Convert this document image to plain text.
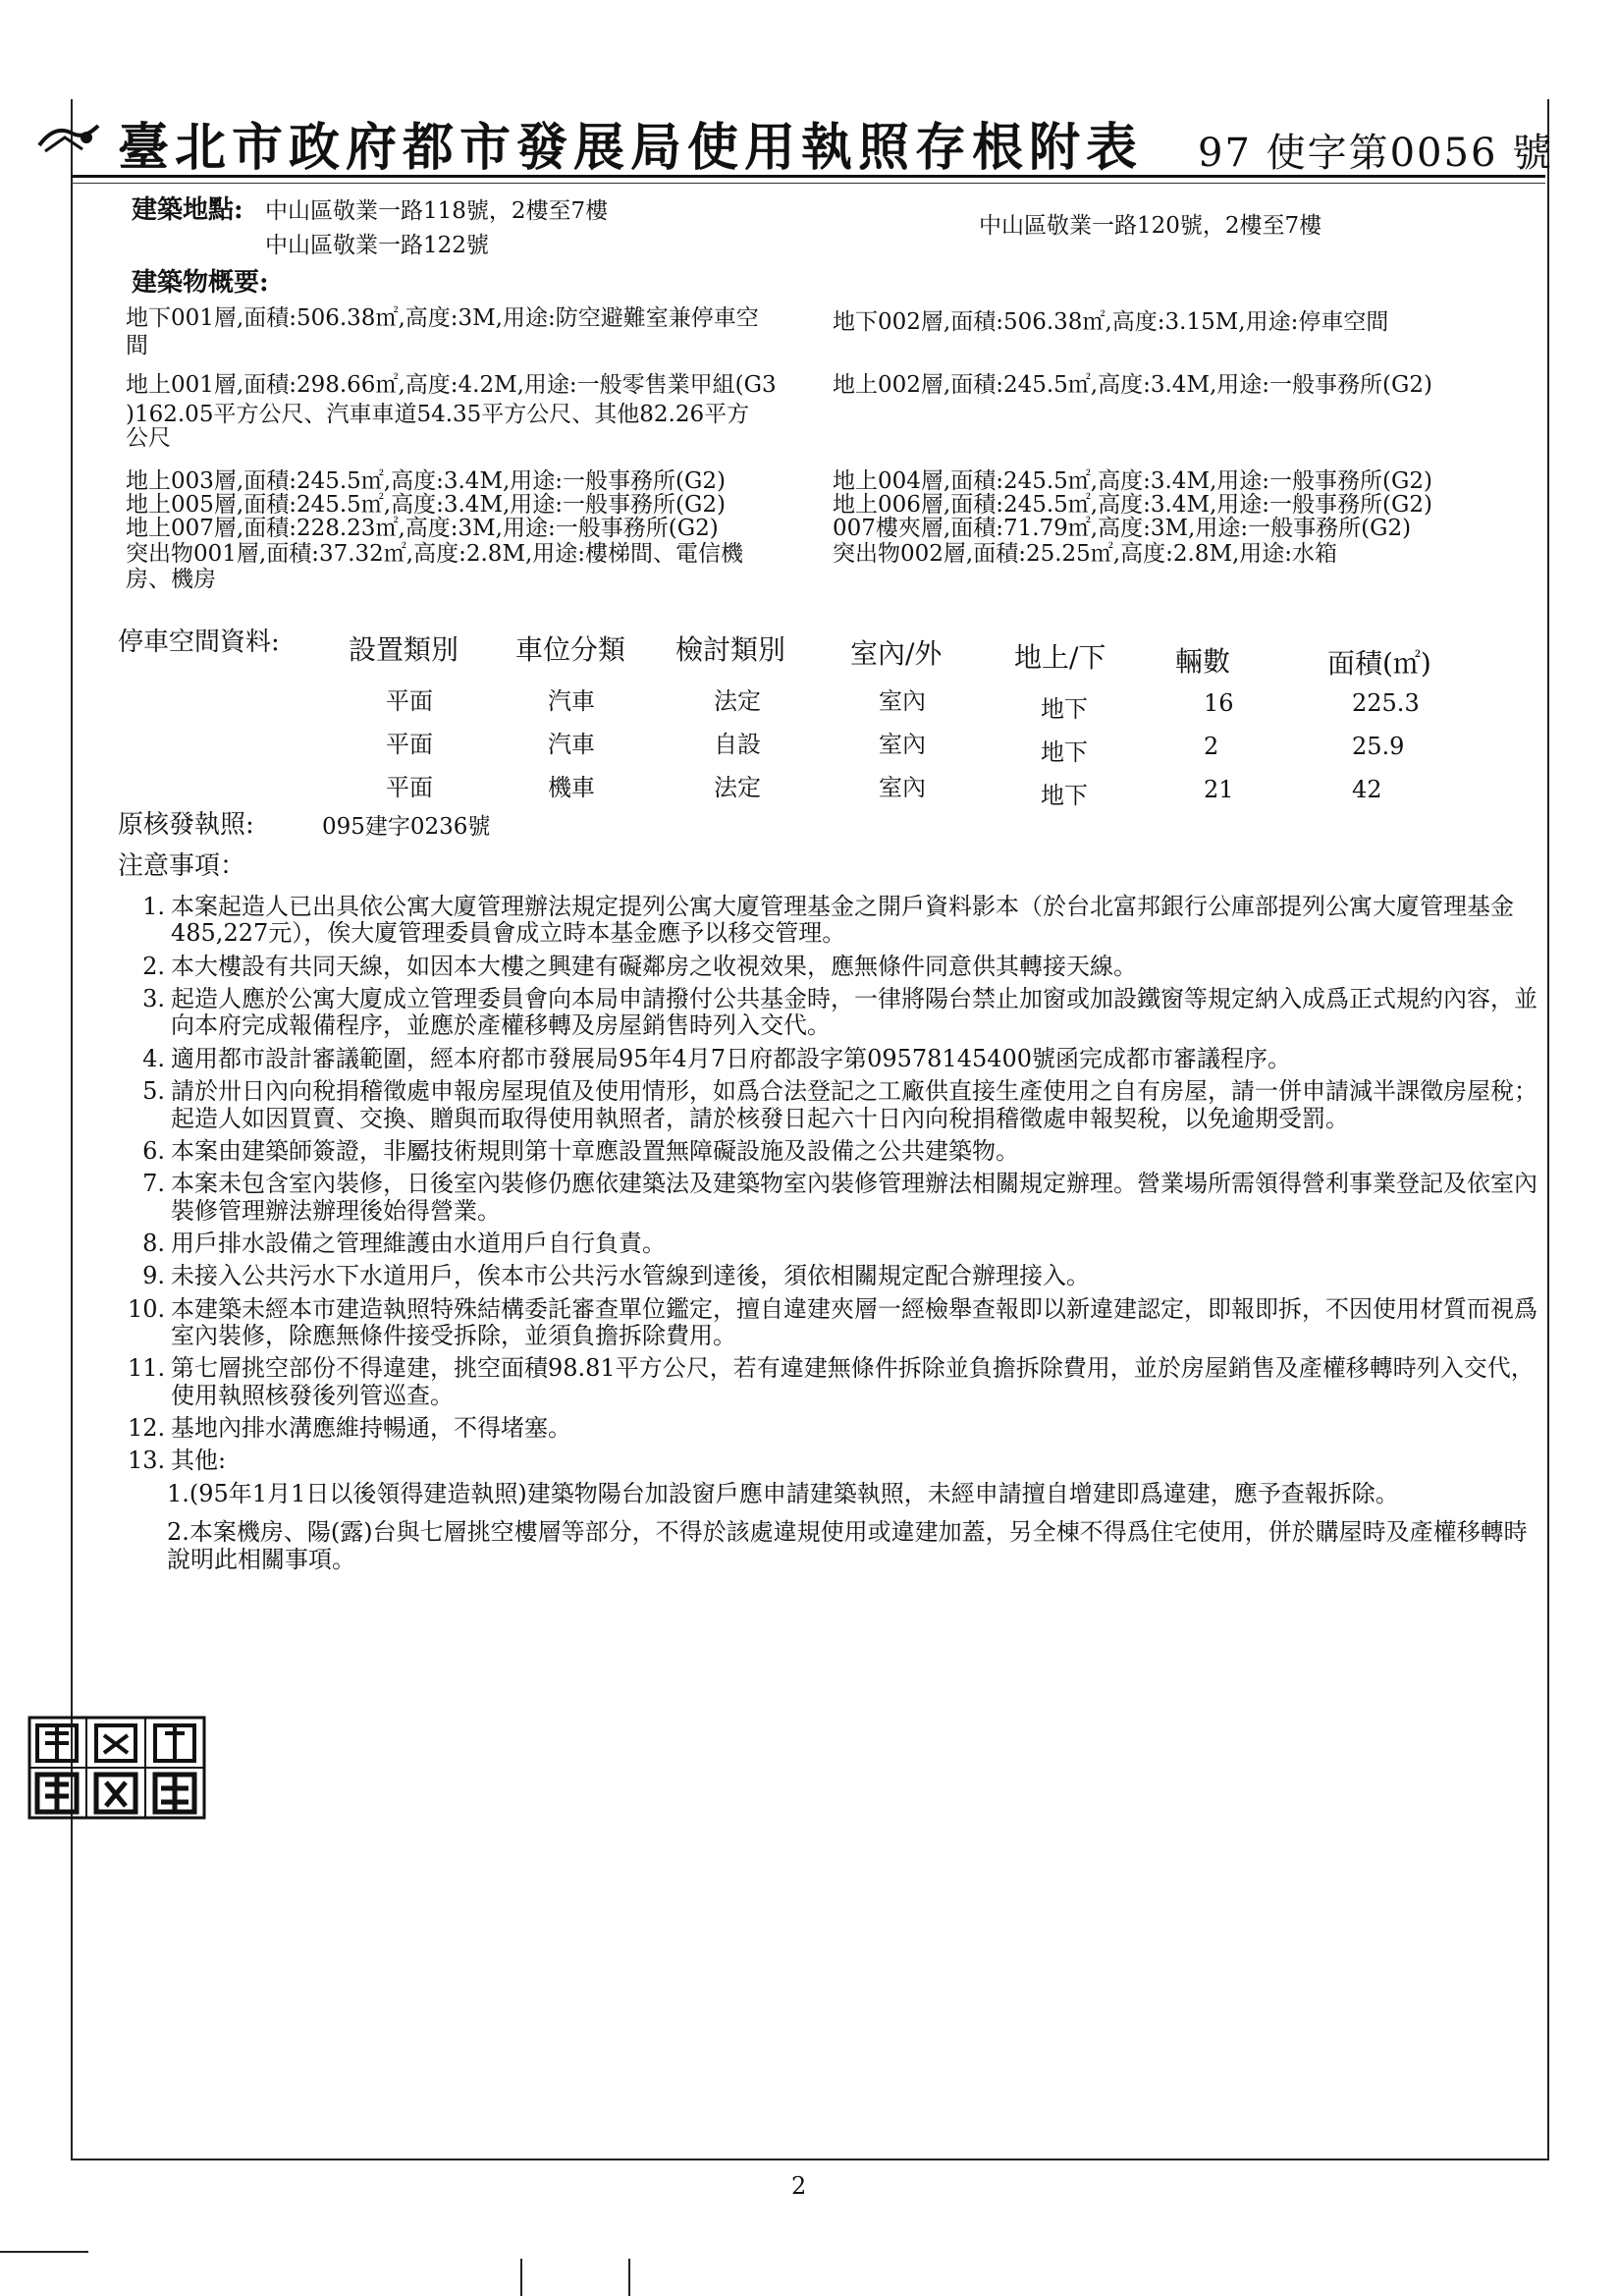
臺北市政府都市發展局使用執照存根附表 97 使字第0056 號
建築地點: 中山區敬業一路118號，2樓至7樓
中山區敬業一路120號，2樓至7樓
中山區敬業一路122號
建築物概要:
地下001層,面積:506.38㎡,高度:3M,用途:防空避難室兼停車空	地下002層,面積:506.38㎡,高度:3.15M,用途:停車空間
間
地上001層,面積:298.66㎡,高度:4.2M,用途:一般零售業甲組(G3 地上002層,面積:245.5㎡,高度:3.4M,用途:一般事務所(G2)
)162.05平方公尺、汽車車道54.35平方公尺、其他82.26平方
公尺
地上003層,面積:245.5㎡,高度:3.4M,用途:一般事務所(G2)	地上004層,面積:245.5㎡,高度:3.4M,用途:一般事務所(G2)
地上005層,面積:245.5㎡,高度:3.4M,用途:一般事務所(G2)	地上006層,面積:245.5㎡,高度:3.4M,用途:一般事務所(G2)
地上007層,面積:228.23㎡,高度:3M,用途:一般事務所(G2)	007樓夾層,面積:71.79㎡,高度:3M,用途:一般事務所(G2)
突出物001層,面積:37.32㎡,高度:2.8M,用途:樓梯間、電信機	突出物002層,面積:25.25㎡,高度:2.8M,用途:水箱
房、機房
停車空間資料:	設置類別 車位分類 檢討類別 室內/外	地上/下	輛數	面積(㎡)
平面	汽車	法定	室內	地下	16	225.3
平面	汽車	自設	室內	地下	2	25.9
平面	機車	法定	室內	地下	21	42
原核發執照:	095建字0236號
注意事項：
1. 本案起造人已出具依公寓大廈管理辦法規定提列公寓大廈管理基金之開戶資料影本（於台北富邦銀行公庫部提列公寓大廈管理基金485,227元），俟大廈管理委員會成立時本基金應予以移交管理。
2. 本大樓設有共同天線，如因本大樓之興建有礙鄰房之收視效果，應無條件同意供其轉接天線。
3. 起造人應於公寓大廈成立管理委員會向本局申請撥付公共基金時，一律將陽台禁止加窗或加設鐵窗等規定納入成爲正式規約內容，並向本府完成報備程序，並應於產權移轉及房屋銷售時列入交代。
4. 適用都市設計審議範圍，經本府都市發展局95年4月7日府都設字第09578145400號函完成都市審議程序。
5. 請於卅日內向稅捐稽徵處申報房屋現值及使用情形，如爲合法登記之工廠供直接生產使用之自有房屋，請一併申請減半課徵房屋稅；起造人如因買賣、交換、贈與而取得使用執照者，請於核發日起六十日內向稅捐稽徵處申報契稅，以免逾期受罰。
6. 本案由建築師簽證，非屬技術規則第十章應設置無障礙設施及設備之公共建築物。
7. 本案未包含室內裝修，日後室內裝修仍應依建築法及建築物室內裝修管理辦法相關規定辦理。營業場所需領得營利事業登記及依室內裝修管理辦法辦理後始得營業。
8. 用戶排水設備之管理維護由水道用戶自行負責。
9. 未接入公共污水下水道用戶，俟本市公共污水管線到達後，須依相關規定配合辦理接入。
10. 本建築未經本市建造執照特殊結構委託審查單位鑑定，擅自違建夾層一經檢舉查報即以新違建認定，即報即拆，不因使用材質而視爲室內裝修，除應無條件接受拆除，並須負擔拆除費用。
11. 第七層挑空部份不得違建，挑空面積98.81平方公尺，若有違建無條件拆除並負擔拆除費用，並於房屋銷售及產權移轉時列入交代，使用執照核發後列管巡查。
12. 基地內排水溝應維持暢通，不得堵塞。
13. 其他:
1.(95年1月1日以後領得建造執照)建築物陽台加設窗戶應申請建築執照，未經申請擅自增建即爲違建，應予查報拆除。
2.本案機房、陽(露)台與七層挑空樓層等部分，不得於該處違規使用或違建加蓋，另全棟不得爲住宅使用，併於購屋時及產權移轉時說明此相關事項。
2
